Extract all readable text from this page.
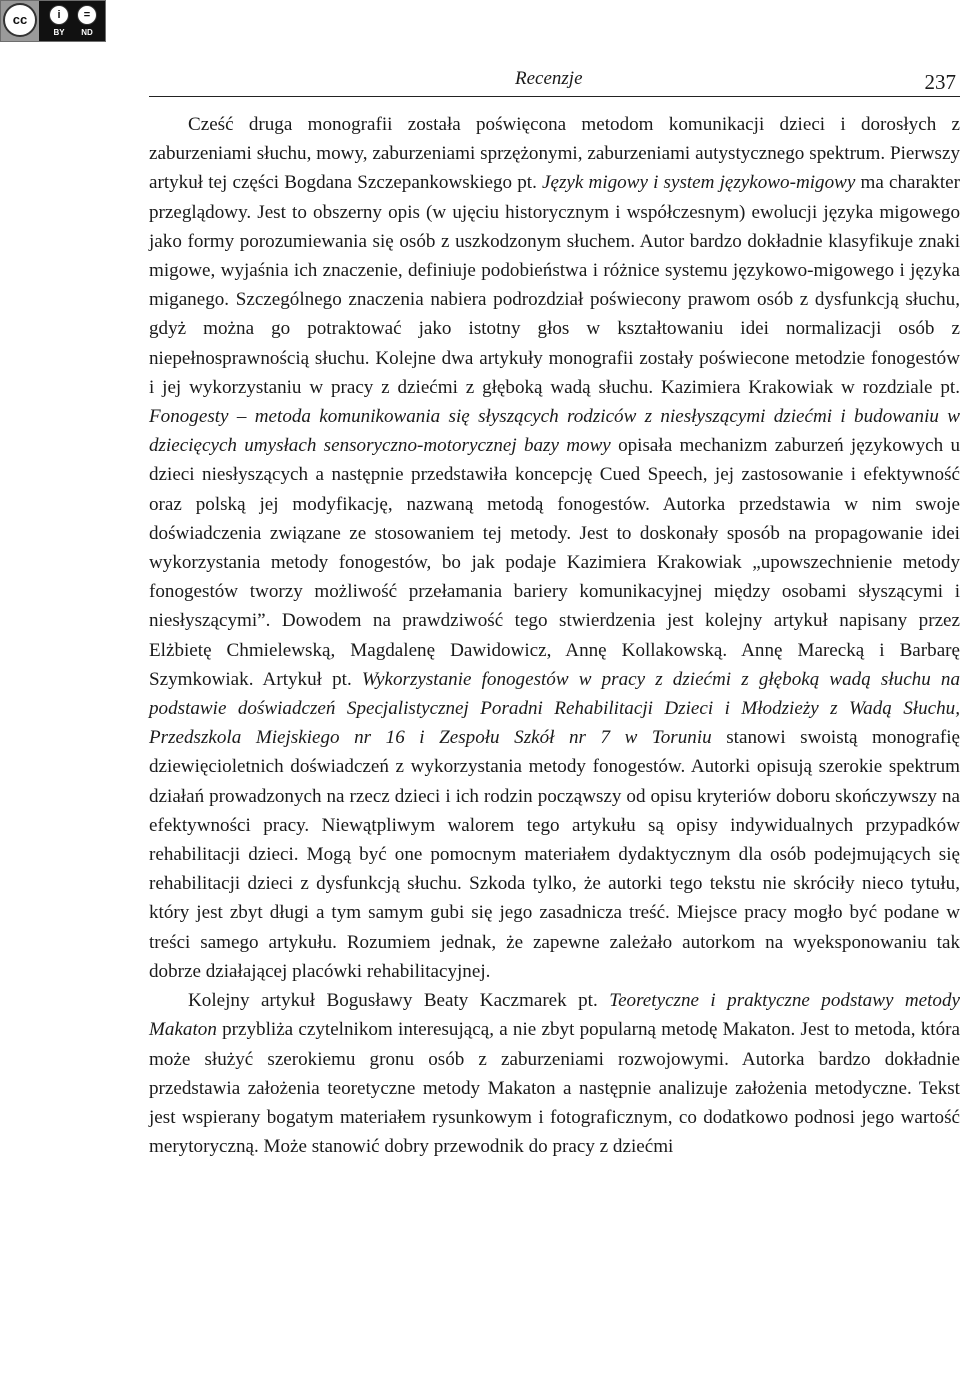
cc	i
BY
=
ND
Recenzje	237

Cześć druga monografii została poświęcona metodom komunikacji dzieci i dorosłych z zaburzeniami słuchu, mowy, zaburzeniami sprzężonymi, zaburzeniami autystycznego spektrum. Pierwszy artykuł tej części Bogdana Szczepankowskiego pt. Język migowy i system językowo-migowy ma charakter przeglądowy. Jest to obszerny opis (w ujęciu historycznym i współczesnym) ewolucji języka migowego jako formy porozumiewania się osób z uszkodzonym słuchem. Autor bardzo dokładnie klasyfikuje znaki migowe, wyjaśnia ich znaczenie, definiuje podobieństwa i różnice systemu językowo-migowego i języka miganego. Szczególnego znaczenia nabiera podrozdział poświecony prawom osób z dysfunkcją słuchu, gdyż można go potraktować jako istotny głos w kształtowaniu idei normalizacji osób z niepełnosprawnością słuchu. Kolejne dwa artykuły monografii zostały poświecone metodzie fonogestów i jej wykorzystaniu w pracy z dziećmi z głęboką wadą słuchu. Kazimiera Krakowiak w rozdziale pt. Fonogesty – metoda komunikowania się słyszących rodziców z niesłyszącymi dziećmi i budowaniu w dziecięcych umysłach sensoryczno-motorycznej bazy mowy opisała mechanizm zaburzeń językowych u dzieci niesłyszących a następnie przedstawiła koncepcję Cued Speech, jej zastosowanie i efektywność oraz polską jej modyfikację, nazwaną metodą fonogestów. Autorka przedstawia w nim swoje doświadczenia związane ze stosowaniem tej metody. Jest to doskonały sposób na propagowanie idei wykorzystania metody fonogestów, bo jak podaje Kazimiera Krakowiak „upowszechnienie metody fonogestów tworzy możliwość przełamania bariery komunikacyjnej między osobami słyszącymi i niesłyszącymi”. Dowodem na prawdziwość tego stwierdzenia jest kolejny artykuł napisany przez Elżbietę Chmielewską, Magdalenę Dawidowicz, Annę Kollakowską. Annę Marecką i Barbarę Szymkowiak. Artykuł pt. Wykorzystanie fonogestów w pracy z dziećmi z głęboką wadą słuchu na podstawie doświadczeń Specjalistycznej Poradni Rehabilitacji Dzieci i Młodzieży z Wadą Słuchu, Przedszkola Miejskiego nr 16 i Zespołu Szkół nr 7 w Toruniu stanowi swoistą monografię dziewięcioletnich doświadczeń z wykorzystania metody fonogestów. Autorki opisują szerokie spektrum działań prowadzonych na rzecz dzieci i ich rodzin począwszy od opisu kryteriów doboru skończywszy na efektywności pracy. Niewątpliwym walorem tego artykułu są opisy indywidualnych przypadków rehabilitacji dzieci. Mogą być one pomocnym materiałem dydaktycznym dla osób podejmujących się rehabilitacji dzieci z dysfunkcją słuchu. Szkoda tylko, że autorki tego tekstu nie skróciły nieco tytułu, który jest zbyt długi a tym samym gubi się jego zasadnicza treść. Miejsce pracy mogło być podane w treści samego artykułu. Rozumiem jednak, że zapewne zależało autorkom na wyeksponowaniu tak dobrze działającej placówki rehabilitacyjnej.

Kolejny artykuł Bogusławy Beaty Kaczmarek pt. Teoretyczne i praktyczne podstawy metody Makaton przybliża czytelnikom interesującą, a nie zbyt popularną metodę Makaton. Jest to metoda, która może służyć szerokiemu gronu osób z zaburzeniami rozwojowymi. Autorka bardzo dokładnie przedstawia założenia teoretyczne metody Makaton a następnie analizuje założenia metodyczne. Tekst jest wspierany bogatym materiałem rysunkowym i fotograficznym, co dodatkowo podnosi jego wartość merytoryczną. Może stanowić dobry przewodnik do pracy z dziećmi
